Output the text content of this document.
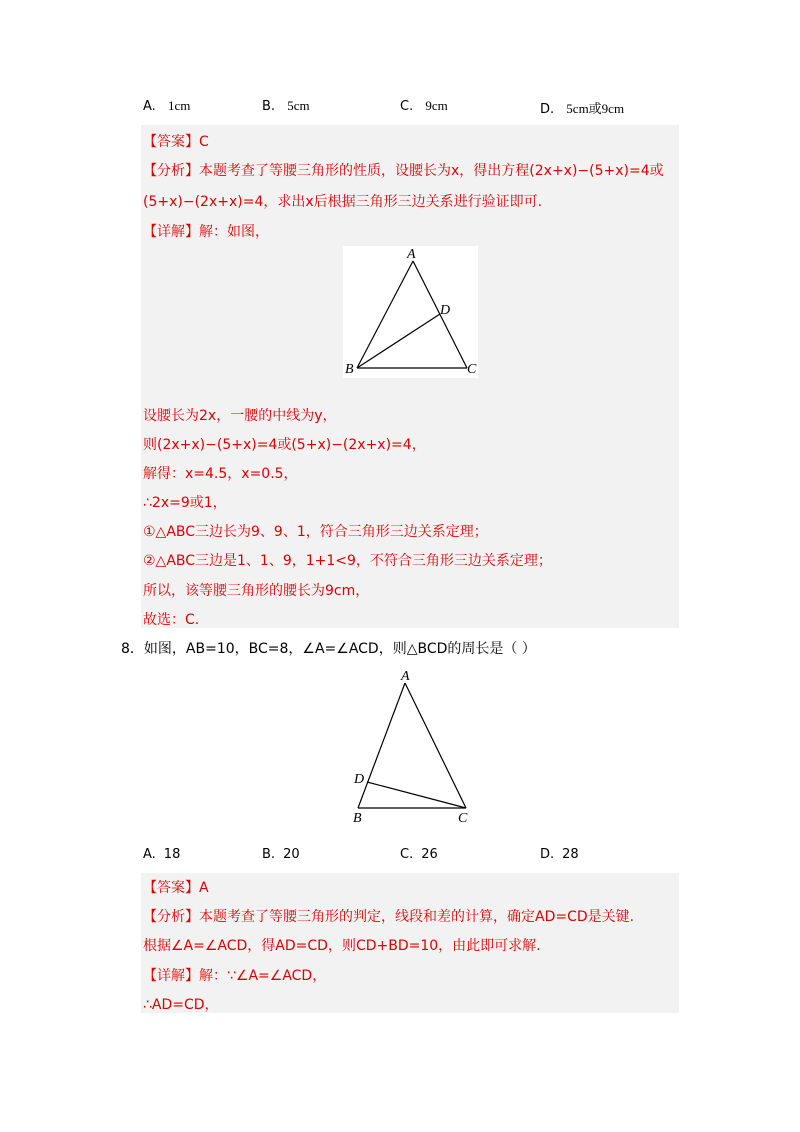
A. 1cm	B. 5cm	C. 9cm	D. 5cm或9cm
【答案】C
【分析】本题考查了等腰三角形的性质，设腰长为x，得出方程(2x+x)−(5+x)=4或
(5+x)−(2x+x)=4，求出x后根据三角形三边关系进行验证即可.
【详解】解：如图，
A
D
B	C
设腰长为2x，一腰的中线为y，
则(2x+x)−(5+x)=4或(5+x)−(2x+x)=4，
解得：x=4.5，x=0.5，
∴2x=9或1，
①△ABC三边长为9、9、1，符合三角形三边关系定理；
②△ABC三边是1、1、9，1+1<9，不符合三角形三边关系定理；
所以，该等腰三角形的腰长为9cm，
故选：C.
8．如图，AB=10，BC=8，∠A=∠ACD，则△BCD的周长是（ ）
A
D
B	C
A. 18	B. 20	C. 26	D. 28
【答案】A
【分析】本题考查了等腰三角形的判定，线段和差的计算，确定AD=CD是关键.
根据∠A=∠ACD，得AD=CD，则CD+BD=10，由此即可求解.
【详解】解：∵∠A=∠ACD，
∴AD=CD，
